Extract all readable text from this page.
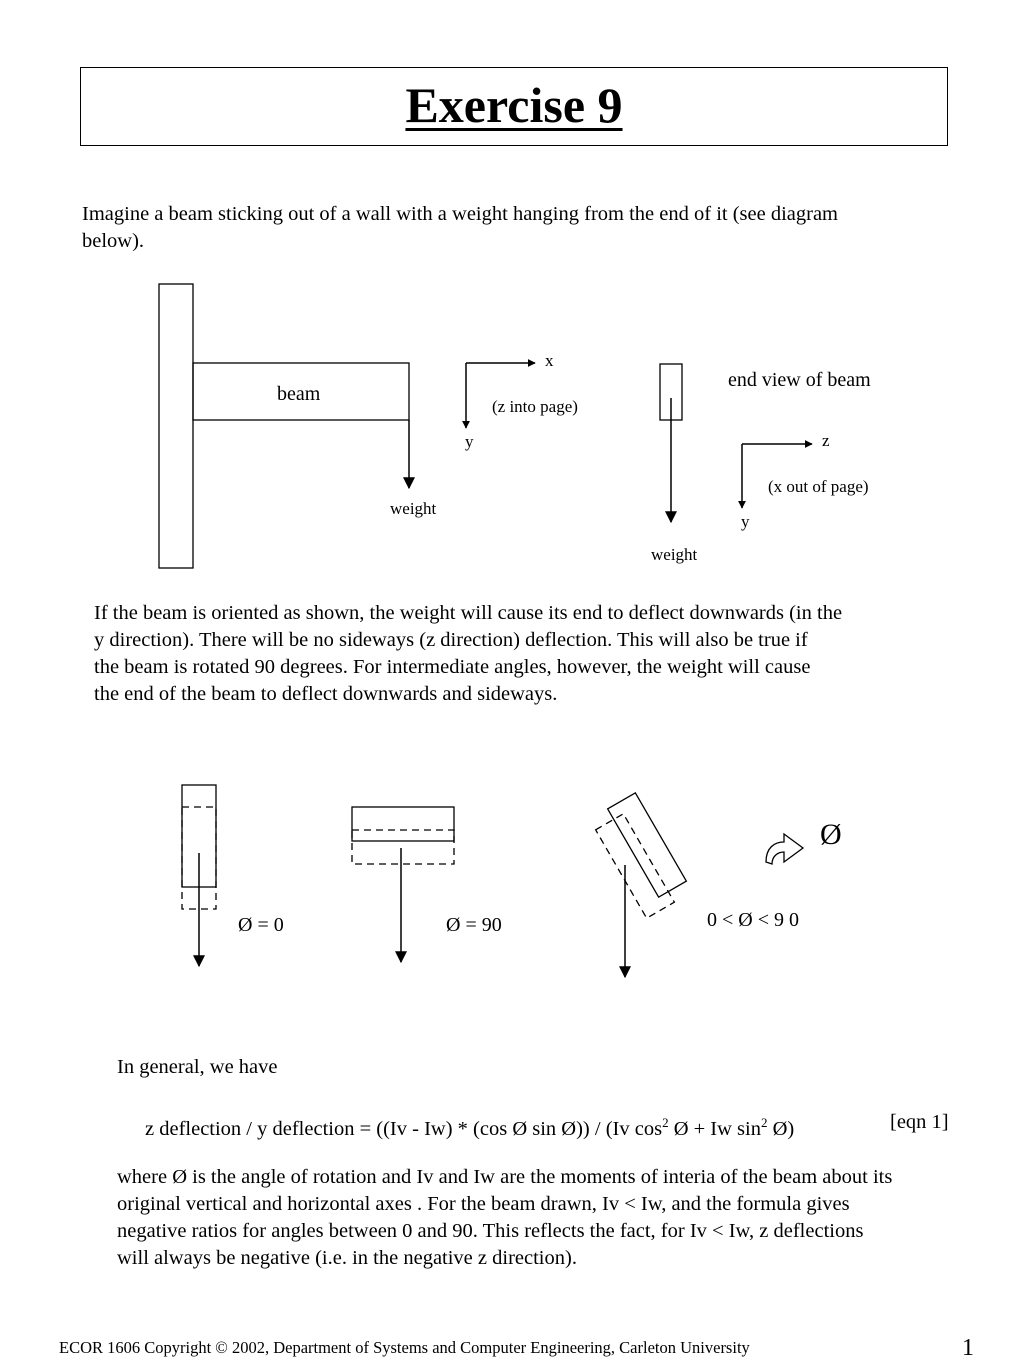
Exercise 9
Imagine a beam sticking out of a wall with a weight hanging from the end of it (see diagram
below).
beam
weight
x
y
(z into page)
end view of beam
weight
z
y
(x out of page)
If the beam is oriented as shown, the weight will cause its end to deflect downwards (in the
y direction). There will be no sideways (z direction) deflection. This will also be true if
the beam is rotated 90 degrees. For intermediate angles, however, the weight will cause
the end of the beam to deflect downwards and sideways.
Ø = 0	Ø = 90	0 < Ø < 9 0
Ø
In general, we have
z deflection / y deflection = ((Iv - Iw) * (cos Ø sin Ø)) / (Iv $\cos^2$ Ø + Iw $\sin^2$ Ø)	[eqn 1]
where Ø is the angle of rotation and Iv and Iw are the moments of interia of the beam about its
original vertical and horizontal axes . For the beam drawn, Iv < Iw, and the formula gives
negative ratios for angles between 0 and 90. This reflects the fact, for Iv < Iw, z deflections
will always be negative (i.e. in the negative z direction).
ECOR 1606 Copyright © 2002, Department of Systems and Computer Engineering, Carleton University	1
